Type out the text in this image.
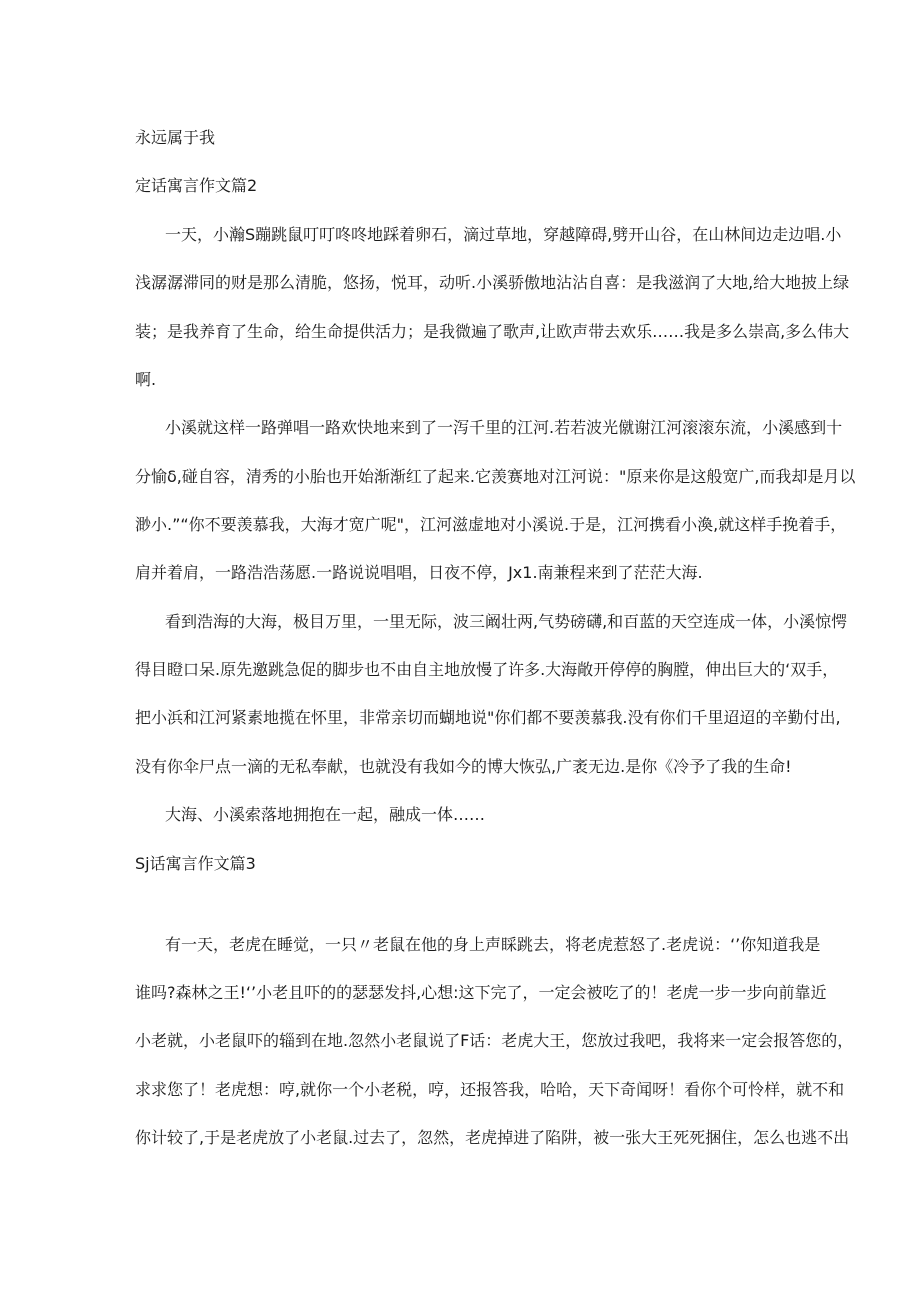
永远属于我

定话寓言作文篇2

一天，小瀚S蹦跳鼠叮叮咚咚地踩着卵石，滴过草地，穿越障碍,劈开山谷，在山林间边走边唱.小

浅潺潺滞同的财是那么清脆，悠扬，悦耳，动听.小溪骄傲地沾沾自喜：是我滋润了大地,给大地披上绿

装；是我养育了生命，给生命提供活力；是我微遍了歌声,让欧声带去欢乐……我是多么崇高,多么伟大

啊.

小溪就这样一路弹唱一路欢快地来到了一泻千里的江河.若若波光僦谢江河滚滚东流，小溪感到十

分愉δ,碰自容，清秀的小胎也开始渐渐红了起来.它羡赛地对江河说："原来你是这般宽广,而我却是月以

渺小.”“你不要羡慕我，大海才宽广呢"，江河滋虚地对小溪说.于是，江河携看小渙,就这样手挽着手，

肩并着肩，一路浩浩荡愿.一路说说唱唱，日夜不停，Jx1.南兼程来到了茫茫大海.

看到浩海的大海，极目万里，一里无际，波三阚壮两,气势磅礴,和百蓝的天空连成一体，小溪惊愕

得目瞪口呆.原先邀跳急促的脚步也不由自主地放慢了许多.大海敞开停停的胸膛，伸出巨大的‘双手，

把小浜和江河紧素地揽在怀里，非常亲切而蝴地说"你们都不要羡慕我.没有你们千里迢迢的辛勤付出,

没有你伞尸点一滴的无私奉献，也就没有我如今的博大恢弘,广袤无边.是你《冷予了我的生命!

大海、小溪索落地拥抱在一起，融成一体……

Sj话寓言作文篇3

有一天，老虎在睡觉，一只〃老鼠在他的身上声睬跳去，将老虎惹怒了.老虎说：‘’你知道我是

谁吗?森林之王!‘’小老且吓的的瑟瑟发抖,心想:这下完了，一定会被吃了的！老虎一步一步向前靠近

小老就，小老鼠吓的辎到在地.忽然小老鼠说了F话：老虎大王，您放过我吧，我将来一定会报答您的，

求求您了！老虎想：哼,就你一个小老税，哼，还报答我，哈哈，天下奇闻呀！看你个可怜样，就不和

你计较了,于是老虎放了小老鼠.过去了，忽然，老虎掉进了陷阱，被一张大王死死捆住，怎么也逃不出
